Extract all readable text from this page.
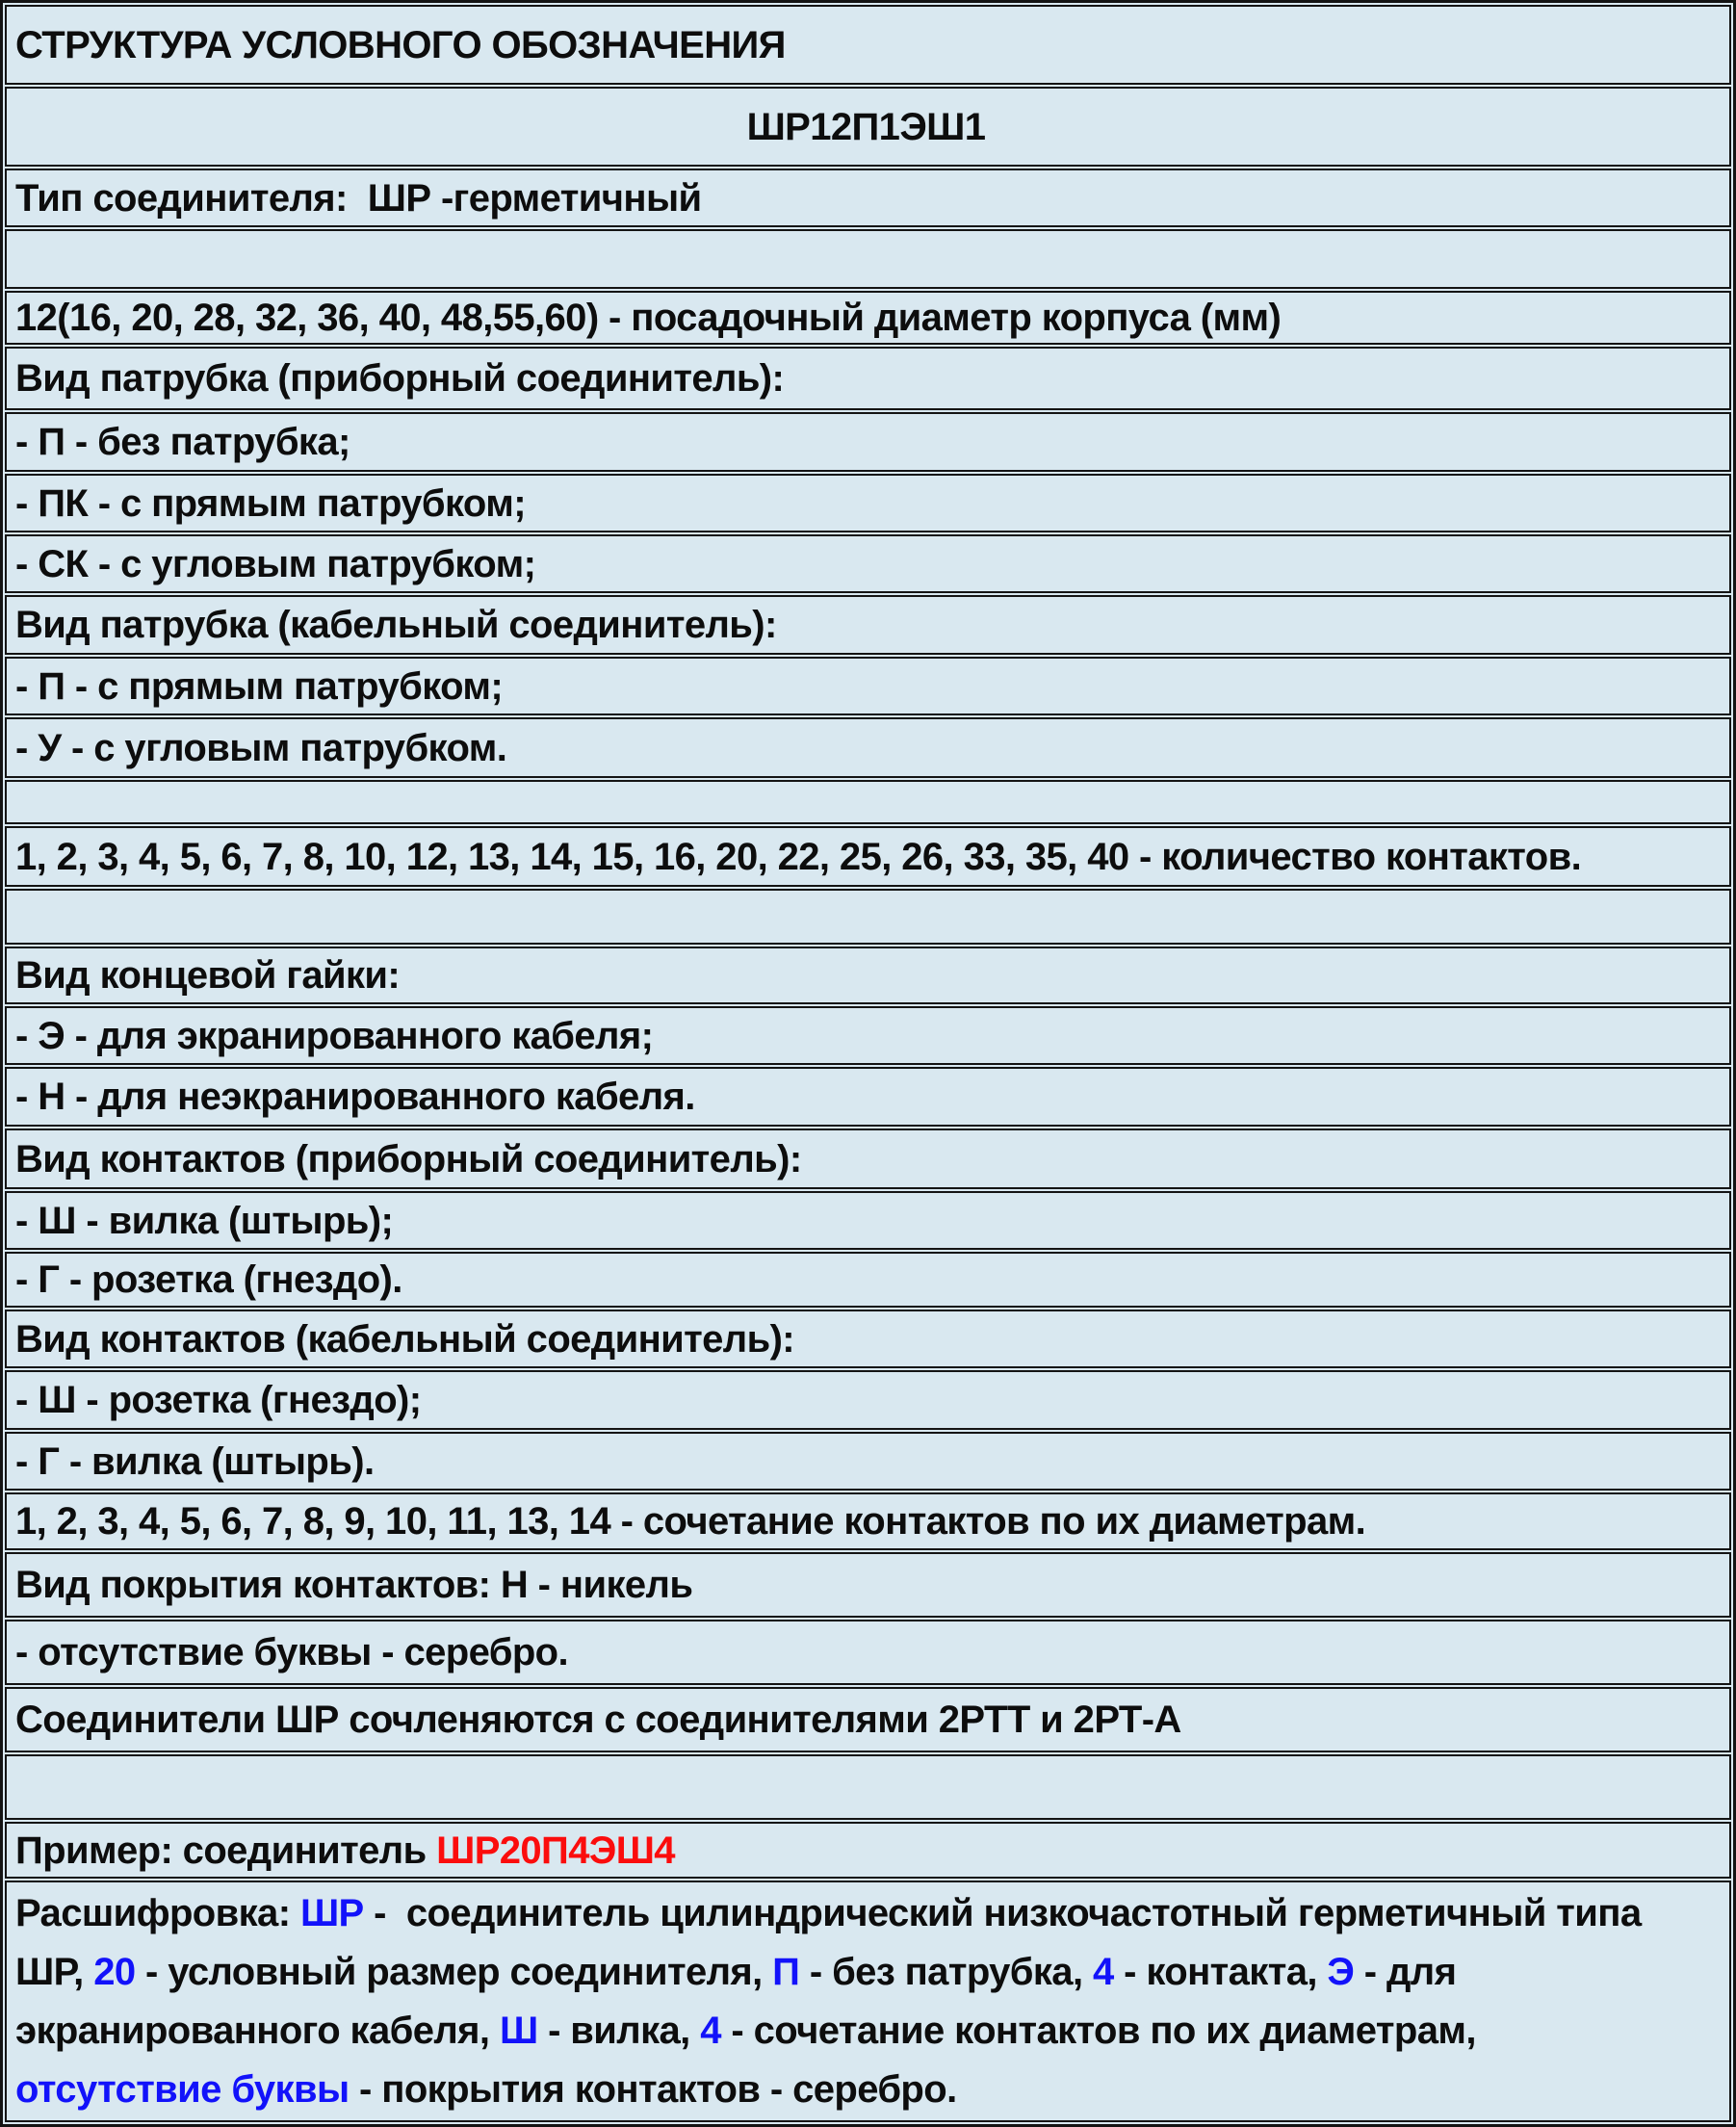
СТРУКТУРА УСЛОВНОГО ОБОЗНАЧЕНИЯ
ШР12П1ЭШ1
Тип соединителя:  ШР -герметичный
12(16, 20, 28, 32, 36, 40, 48,55,60) - посадочный диаметр корпуса (мм)
Вид патрубка (приборный соединитель):
- П - без патрубка;
- ПК - с прямым патрубком;
- СК - с угловым патрубком;
Вид патрубка (кабельный соединитель):
- П - с прямым патрубком;
- У - с угловым патрубком.
1, 2, 3, 4, 5, 6, 7, 8, 10, 12, 13, 14, 15, 16, 20, 22, 25, 26, 33, 35, 40 - количество контактов.
Вид концевой гайки:
- Э - для экранированного кабеля;
- Н - для неэкранированного кабеля.
Вид контактов (приборный соединитель):
- Ш - вилка (штырь);
- Г - розетка (гнездо).
Вид контактов (кабельный соединитель):
- Ш - розетка (гнездо);
- Г - вилка (штырь).
1, 2, 3, 4, 5, 6, 7, 8, 9, 10, 11, 13, 14 - сочетание контактов по их диаметрам.
Вид покрытия контактов: Н - никель
- отсутствие буквы - серебро.
Соединители ШР сочленяются с соединителями 2РТТ и 2РТ-А
Пример: соединитель ШР20П4ЭШ4
Расшифровка: ШР -  соединитель цилиндрический низкочастотный герметичный типа
ШР, 20 - условный размер соединителя, П - без патрубка, 4 - контакта, Э - для
экранированного кабеля, Ш - вилка, 4 - сочетание контактов по их диаметрам,
отсутствие буквы - покрытия контактов - серебро.
